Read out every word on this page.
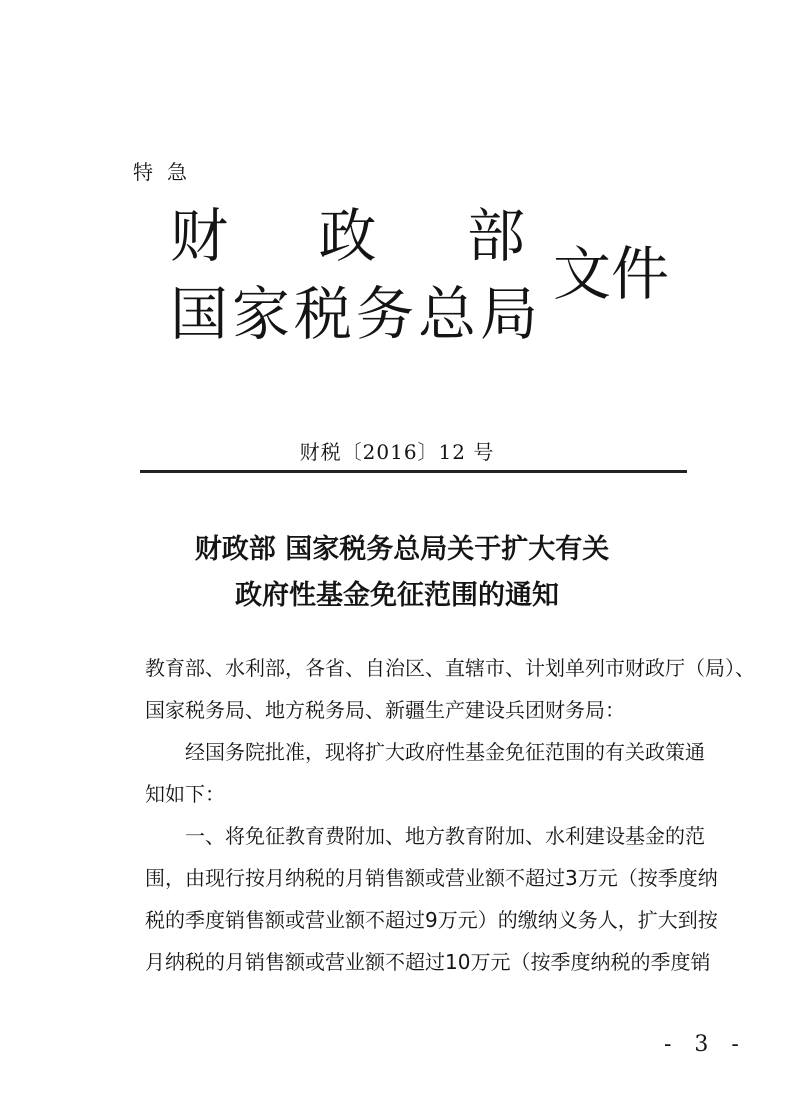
特急
财 政 部
国家税务总局
文件
财税〔2016〕12 号
财政部 国家税务总局关于扩大有关
政府性基金免征范围的通知
教育部、水利部，各省、自治区、直辖市、计划单列市财政厅（局）、
国家税务局、地方税务局、新疆生产建设兵团财务局：
经国务院批准，现将扩大政府性基金免征范围的有关政策通
知如下：
一、将免征教育费附加、地方教育附加、水利建设基金的范
围，由现行按月纳税的月销售额或营业额不超过3万元（按季度纳
税的季度销售额或营业额不超过9万元）的缴纳义务人，扩大到按
月纳税的月销售额或营业额不超过10万元（按季度纳税的季度销
- 3 -
